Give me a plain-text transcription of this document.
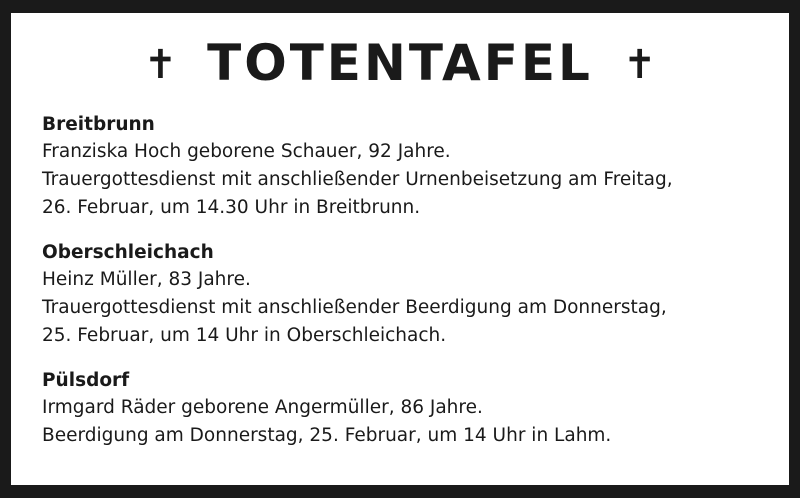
✝ TOTENTAFEL ✝
Breitbrunn
Franziska Hoch geborene Schauer, 92 Jahre.
Trauergottesdienst mit anschließender Urnenbeisetzung am Freitag,
26. Februar, um 14.30 Uhr in Breitbrunn.
Oberschleichach
Heinz Müller, 83 Jahre.
Trauergottesdienst mit anschließender Beerdigung am Donnerstag,
25. Februar, um 14 Uhr in Oberschleichach.
Pülsdorf
Irmgard Räder geborene Angermüller, 86 Jahre.
Beerdigung am Donnerstag, 25. Februar, um 14 Uhr in Lahm.
